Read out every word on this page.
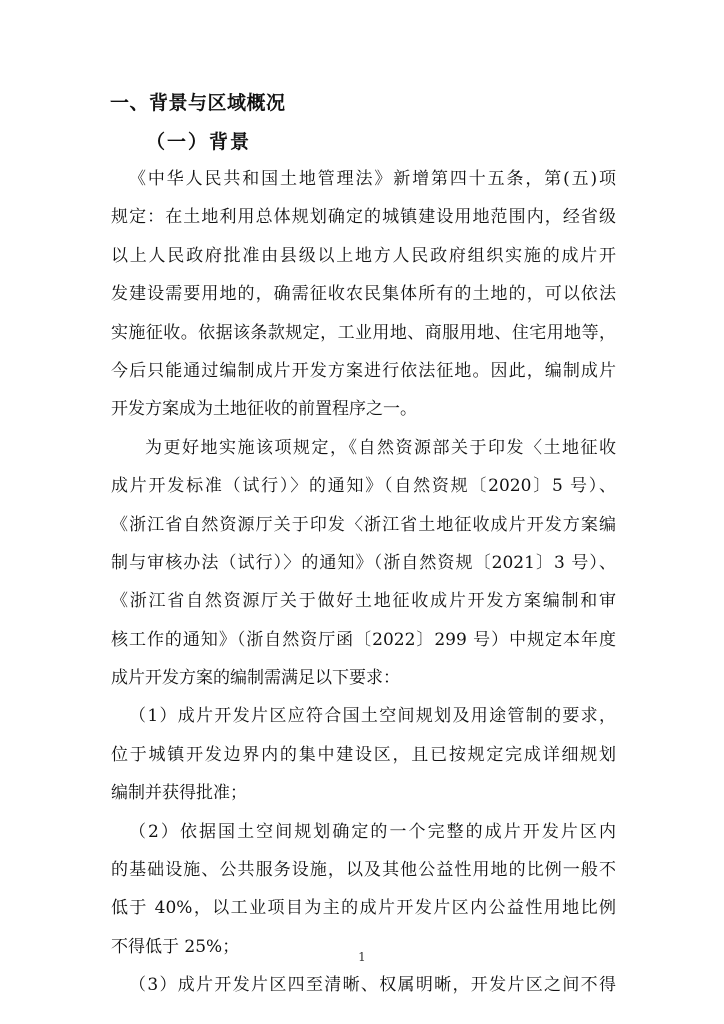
一、背景与区域概况
（一）背景
《中华人民共和国土地管理法》新增第四十五条，第(五)项
规定：在土地利用总体规划确定的城镇建设用地范围内，经省级
以上人民政府批准由县级以上地方人民政府组织实施的成片开
发建设需要用地的，确需征收农民集体所有的土地的，可以依法
实施征收。依据该条款规定，工业用地、商服用地、住宅用地等，
今后只能通过编制成片开发方案进行依法征地。因此，编制成片
开发方案成为土地征收的前置程序之一。
为更好地实施该项规定，《自然资源部关于印发〈土地征收
成片开发标准（试行）〉的通知》（自然资规〔2020〕5 号）、
《浙江省自然资源厅关于印发〈浙江省土地征收成片开发方案编
制与审核办法（试行）〉的通知》（浙自然资规〔2021〕3 号）、
《浙江省自然资源厅关于做好土地征收成片开发方案编制和审
核工作的通知》（浙自然资厅函〔2022〕299 号）中规定本年度
成片开发方案的编制需满足以下要求：
（1）成片开发片区应符合国土空间规划及用途管制的要求，
位于城镇开发边界内的集中建设区，且已按规定完成详细规划
编制并获得批准；
（2）依据国土空间规划确定的一个完整的成片开发片区内
的基础设施、公共服务设施，以及其他公益性用地的比例一般不
低于 40%，以工业项目为主的成片开发片区内公益性用地比例
不得低于 25%；
（3）成片开发片区四至清晰、权属明晰，开发片区之间不得
1
